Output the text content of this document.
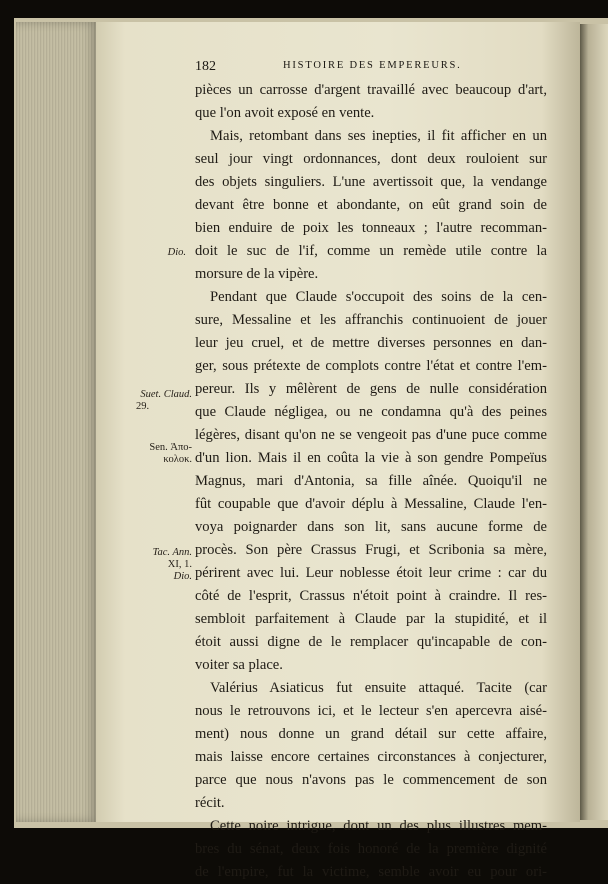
182	HISTOIRE DES EMPEREURS.
pièces un carrosse d'argent travaillé avec beaucoup d'art,
que l'on avoit exposé en vente.
Mais, retombant dans ses inepties, il fit afficher en un
seul jour vingt ordonnances, dont deux rouloient sur
des objets singuliers. L'une avertissoit que, la vendange
devant être bonne et abondante, on eût grand soin de
bien enduire de poix les tonneaux ; l'autre recomman-
doit le suc de l'if, comme un remède utile contre la
morsure de la vipère.
Pendant que Claude s'occupoit des soins de la cen-
sure, Messaline et les affranchis continuoient de jouer
leur jeu cruel, et de mettre diverses personnes en dan-
ger, sous prétexte de complots contre l'état et contre l'em-
pereur. Ils y mêlèrent de gens de nulle considération
que Claude négligea, ou ne condamna qu'à des peines
légères, disant qu'on ne se vengeoit pas d'une puce comme
d'un lion. Mais il en coûta la vie à son gendre Pompeïus
Magnus, mari d'Antonia, sa fille aînée. Quoiqu'il ne
fût coupable que d'avoir déplu à Messaline, Claude l'en-
voya poignarder dans son lit, sans aucune forme de
procès. Son père Crassus Frugi, et Scribonia sa mère,
périrent avec lui. Leur noblesse étoit leur crime : car du
côté de l'esprit, Crassus n'étoit point à craindre. Il res-
sembloit parfaitement à Claude par la stupidité, et il
étoit aussi digne de le remplacer qu'incapable de con-
voiter sa place.
Valérius Asiaticus fut ensuite attaqué. Tacite (car
nous le retrouvons ici, et le lecteur s'en apercevra aisé-
ment) nous donne un grand détail sur cette affaire,
mais laisse encore certaines circonstances à conjecturer,
parce que nous n'avons pas le commencement de son
récit.
Cette noire intrigue, dont un des plus illustres mem-
bres du sénat, deux fois honoré de la première dignité
de l'empire, fut la victime, semble avoir eu pour ori-
Dio.
Suet. Claud.
29.
Sen. Ἀπο-
κολοκ.
Tac. Ann.
XI, 1.
Dio.
